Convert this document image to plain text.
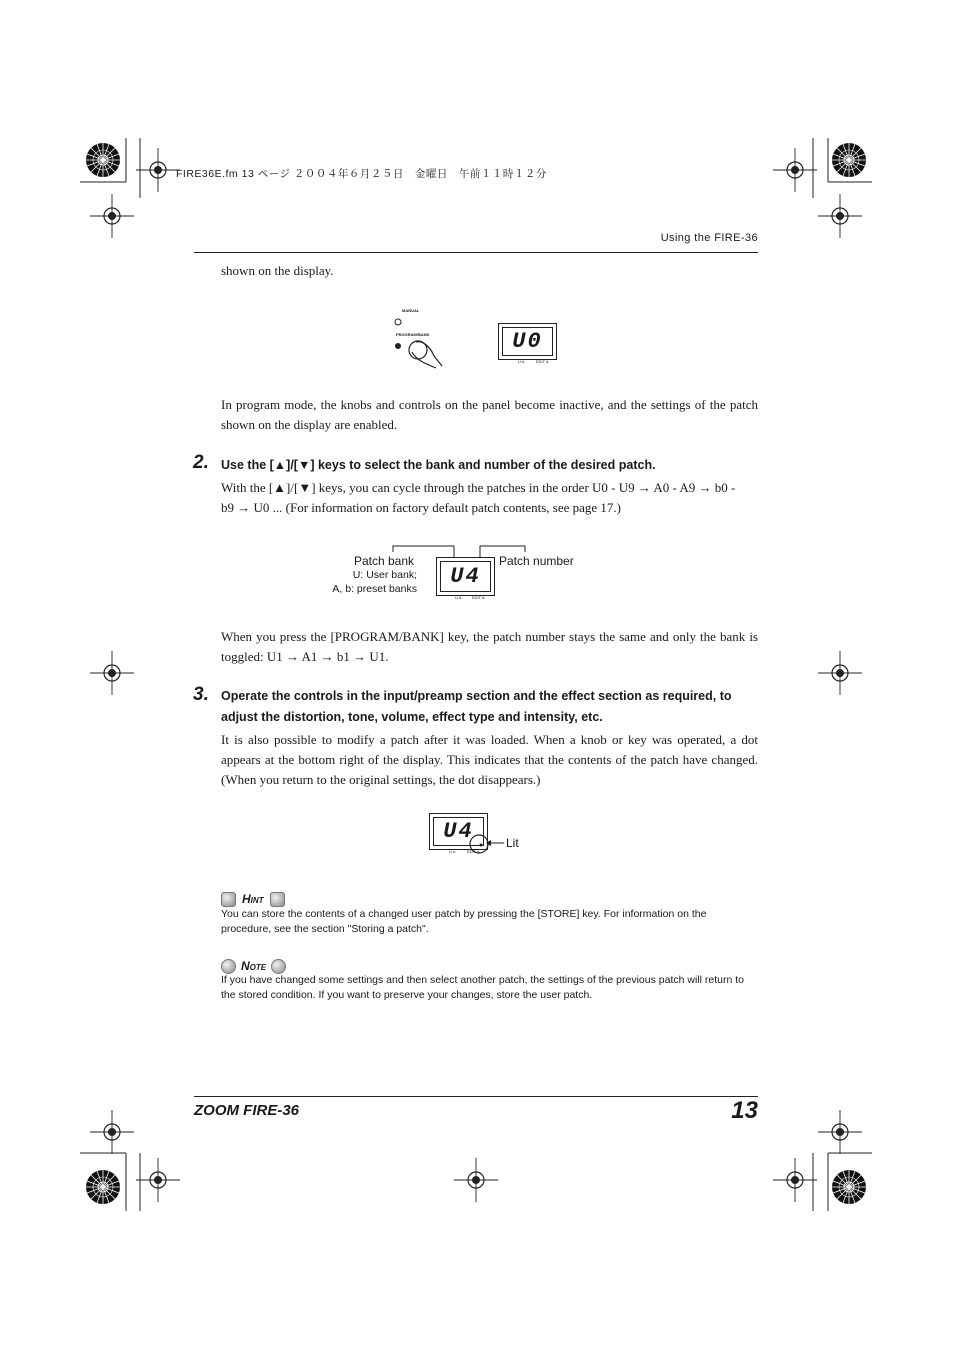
FIRE36E.fm 13 ページ ２００４年６月２５日　金曜日　午前１１時１２分
Using the FIRE-36
shown on the display.
MANUAL
PROGRAM/BANK	U0
U A	EDIT A
In program mode, the knobs and controls on the panel become inactive, and the settings of the patch shown on the display are enabled.
2. Use the [▲]/[▼] keys to select the bank and number of the desired patch.
With the [▲]/[▼] keys, you can cycle through the patches in the order U0 - U9 → A0 - A9 → b0 - b9 → U0 ... (For information on factory default patch contents, see page 17.)
Patch bank
U: User bank;
A, b: preset banks
Patch number
U4
U A	EDIT A
When you press the [PROGRAM/BANK] key, the patch number stays the same and only the bank is toggled: U1 → A1 → b1 → U1.
3. Operate the controls in the input/preamp section and the effect section as required, to adjust the distortion, tone, volume, effect type and intensity, etc.
It is also possible to modify a patch after it was loaded. When a knob or key was operated, a dot appears at the bottom right of the display. This indicates that the contents of the patch have changed. (When you return to the original settings, the dot disappears.)
U4	Lit
U A	EDIT A
Hint
You can store the contents of a changed user patch by pressing the [STORE] key. For information on the procedure, see the section "Storing a patch".
Note
If you have changed some settings and then select another patch, the settings of the previous patch will return to the stored condition. If you want to preserve your changes, store the user patch.
ZOOM FIRE-36	13
